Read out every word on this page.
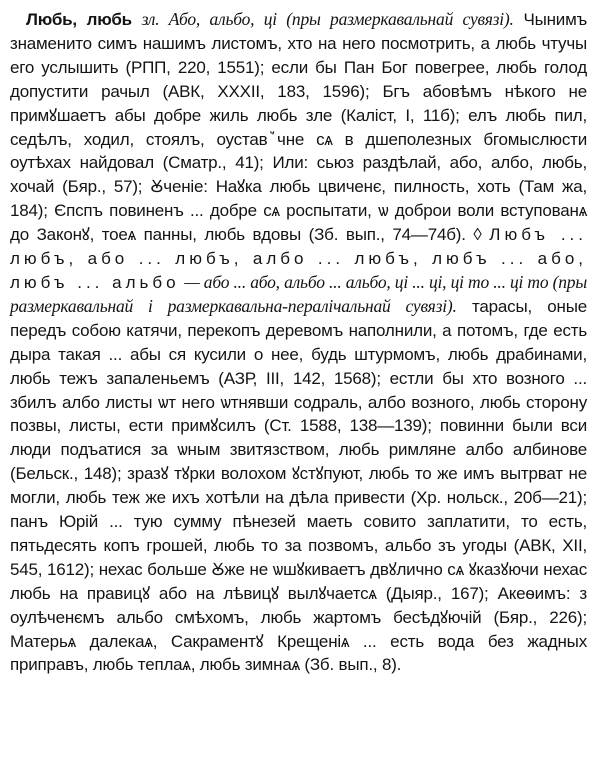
Любь, любь зл. Або, альбо, ці (пры размеркавальнай сувязі). Чынимъ знаменито симъ нашимъ листомъ, хто на него посмотрить, а любь чтучы его услышить (РПП, 220, 1551); если бы Пан Бог повегрее, любь голод допустити рачыл (АВК, XXXII, 183, 1596); Бгъ абовѣмъ нѣкого не примꙋшаетъ абы добре жиль любь зле (Каліст, І, 11б); елъ любь пил, седѣлъ, ходил, стоялъ, оуставꙿчне сѧ в дшеполезных бгомыслюсти оутѣхах найдовал (Сматр., 41); Или: сьюз раздѣлай, або, албо, любь, хочай (Бяр., 57); Ꙋченіе: Наꙋка любь цвиченє, пилность, хоть (Там жа, 184); Єпспъ повиненъ ... добре сѧ роспытати, ѡ доброи воли вступованѧ до Законꙋ, тоеѧ панны, любь вдовы (Зб. вып., 74—74б). ◊ Любъ ... любъ, або ... любъ, албо ... любъ, любъ ... або, любъ ... альбо — або ... або, альбо ... альбо, ці ... ці, ці то ... ці то (пры размеркавальнай і размеркавальна-пералічальнай сувязі). тарасы, оные передъ собою катячи, перекопъ деревомъ наполнили, а потомъ, где есть дыра такая ... абы ся кусили о нее, будь штурмомъ, любь драбинами, любь тежъ запаленьемъ (АЗР, III, 142, 1568); естли бы хто возного ... збилъ албо листы ѡт него ѡтнявши содраль, албо возного, любь сторону позвы, листы, ести примꙋсилъ (Ст. 1588, 138—139); повинни были вси люди подъатися за ѡным звитязством, любь римляне албо албинове (Бельск., 148); зразꙋ тꙋрки волохом ꙋстꙋпуют, любь то же имъ вытрват не могли, любь теж же ихъ хотѣли на дѣла привести (Хр. нольск., 20б—21); панъ Юрій ... тую сумму пѣнезей маеть совито заплатити, то есть, пятьдесять копъ грошей, любь то за позвомъ, альбо зъ угоды (АВК, XII, 545, 1612); нехаc больше Ꙋже не ѡшꙋкиваетъ двꙋличнo сѧ ꙋказꙋючи нехаc любь на правицꙋ або на лѣвицꙋ вылꙋчаетсѧ (Дыяр., 167); Акеѳимъ: з оулѣченємъ альбо смѣхомъ, любь жартомъ бесѣдꙋючій (Бяр., 226); Матерьѧ далекаѧ, Сакраментꙋ Крещеніѧ ... есть вода без жадных приправъ, любь теплаѧ, любь зимнаѧ (Зб. вып., 8).
